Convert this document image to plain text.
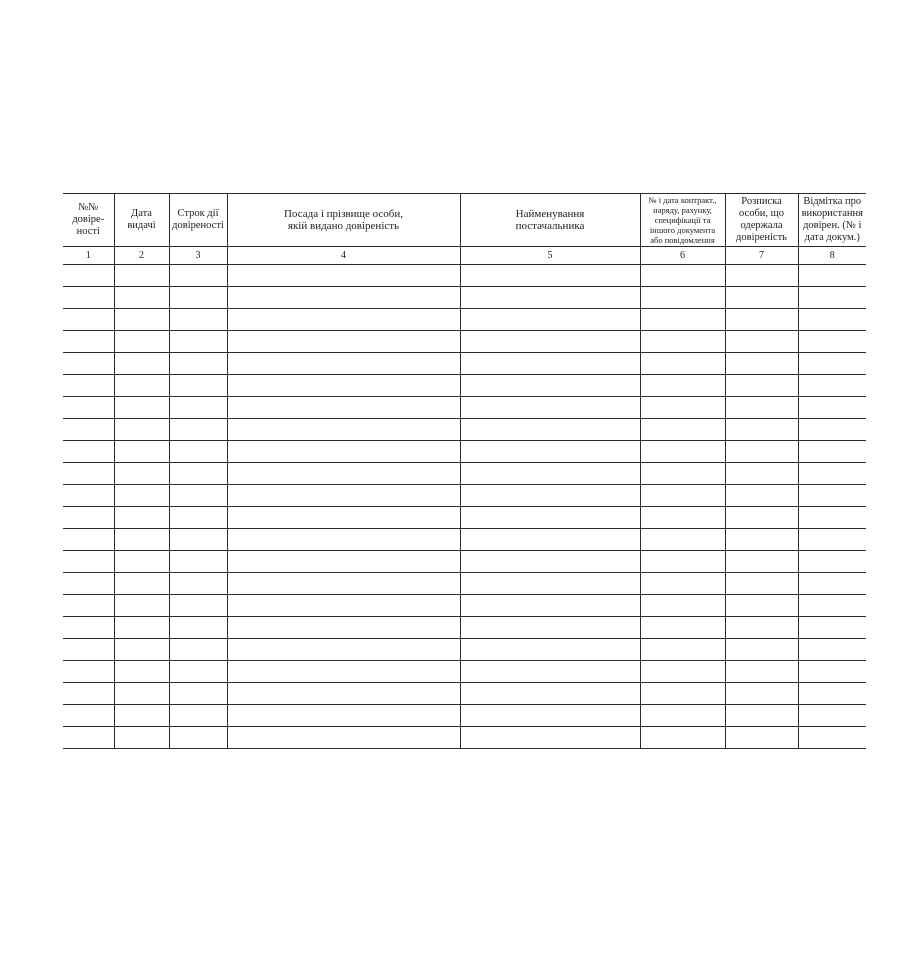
№№
довіре-
ності	Дата
видачі	Строк дії
довіреності	Посада і прізвище особи,
якій видано довіреність	Найменування
постачальника	№ і дата контракт.,
наряду, рахунку,
специфікації та
іншого документа
або повідомлення	Розписка
особи, що
одержала
довіреність	Відмітка про
використання
довірен. (№ і
дата докум.)
1	2	3	4	5	6	7	8
